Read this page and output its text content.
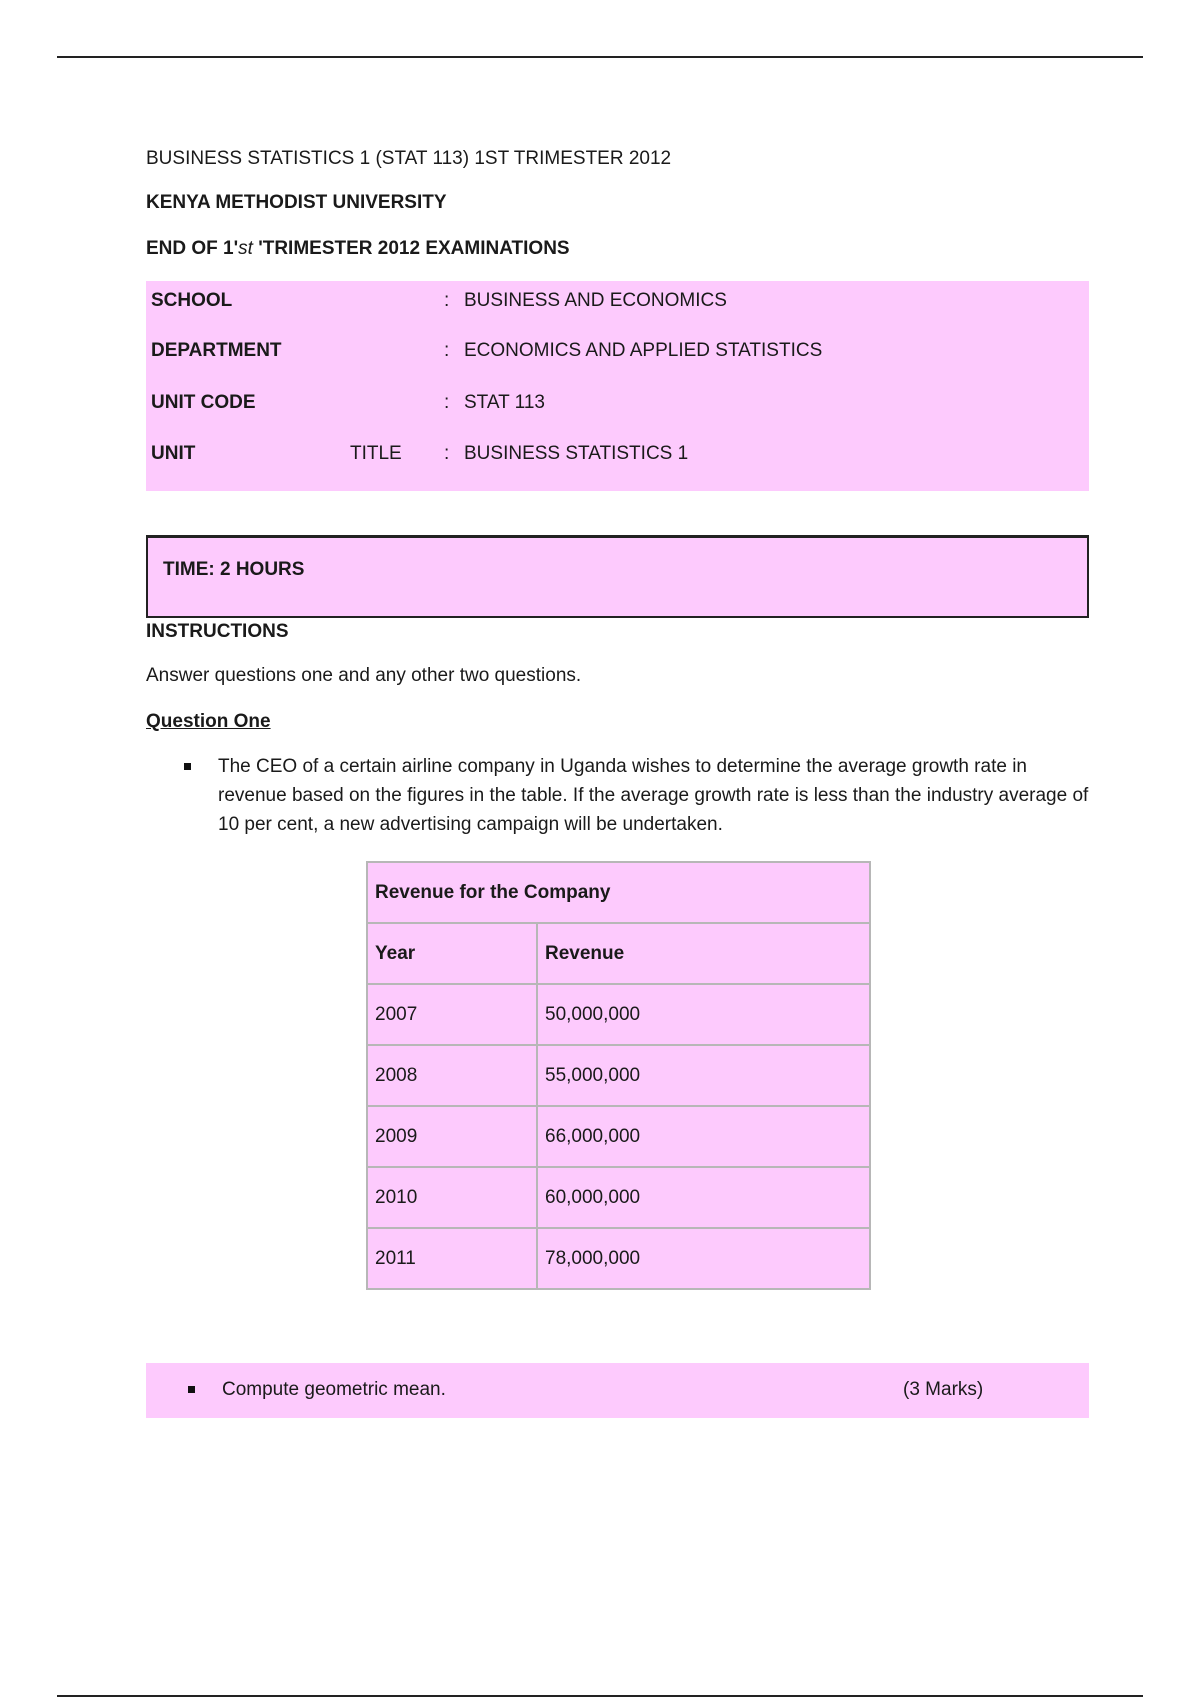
BUSINESS STATISTICS 1 (STAT 113) 1ST TRIMESTER 2012
KENYA METHODIST UNIVERSITY
END OF 1'st 'TRIMESTER 2012 EXAMINATIONS
SCHOOL	: BUSINESS AND ECONOMICS
DEPARTMENT	: ECONOMICS AND APPLIED STATISTICS
UNIT CODE	: STAT 113
UNIT	TITLE : BUSINESS STATISTICS 1
TIME: 2 HOURS
INSTRUCTIONS
Answer questions one and any other two questions.
Question One
The CEO of a certain airline company in Uganda wishes to determine the average growth rate in revenue based on the figures in the table. If the average growth rate is less than the industry average of 10 per cent, a new advertising campaign will be undertaken.
Revenue for the Company	
Year	Revenue
2007	50,000,000
2008	55,000,000
2009	66,000,000
2010	60,000,000
2011	78,000,000
Compute geometric mean.	(3 Marks)
